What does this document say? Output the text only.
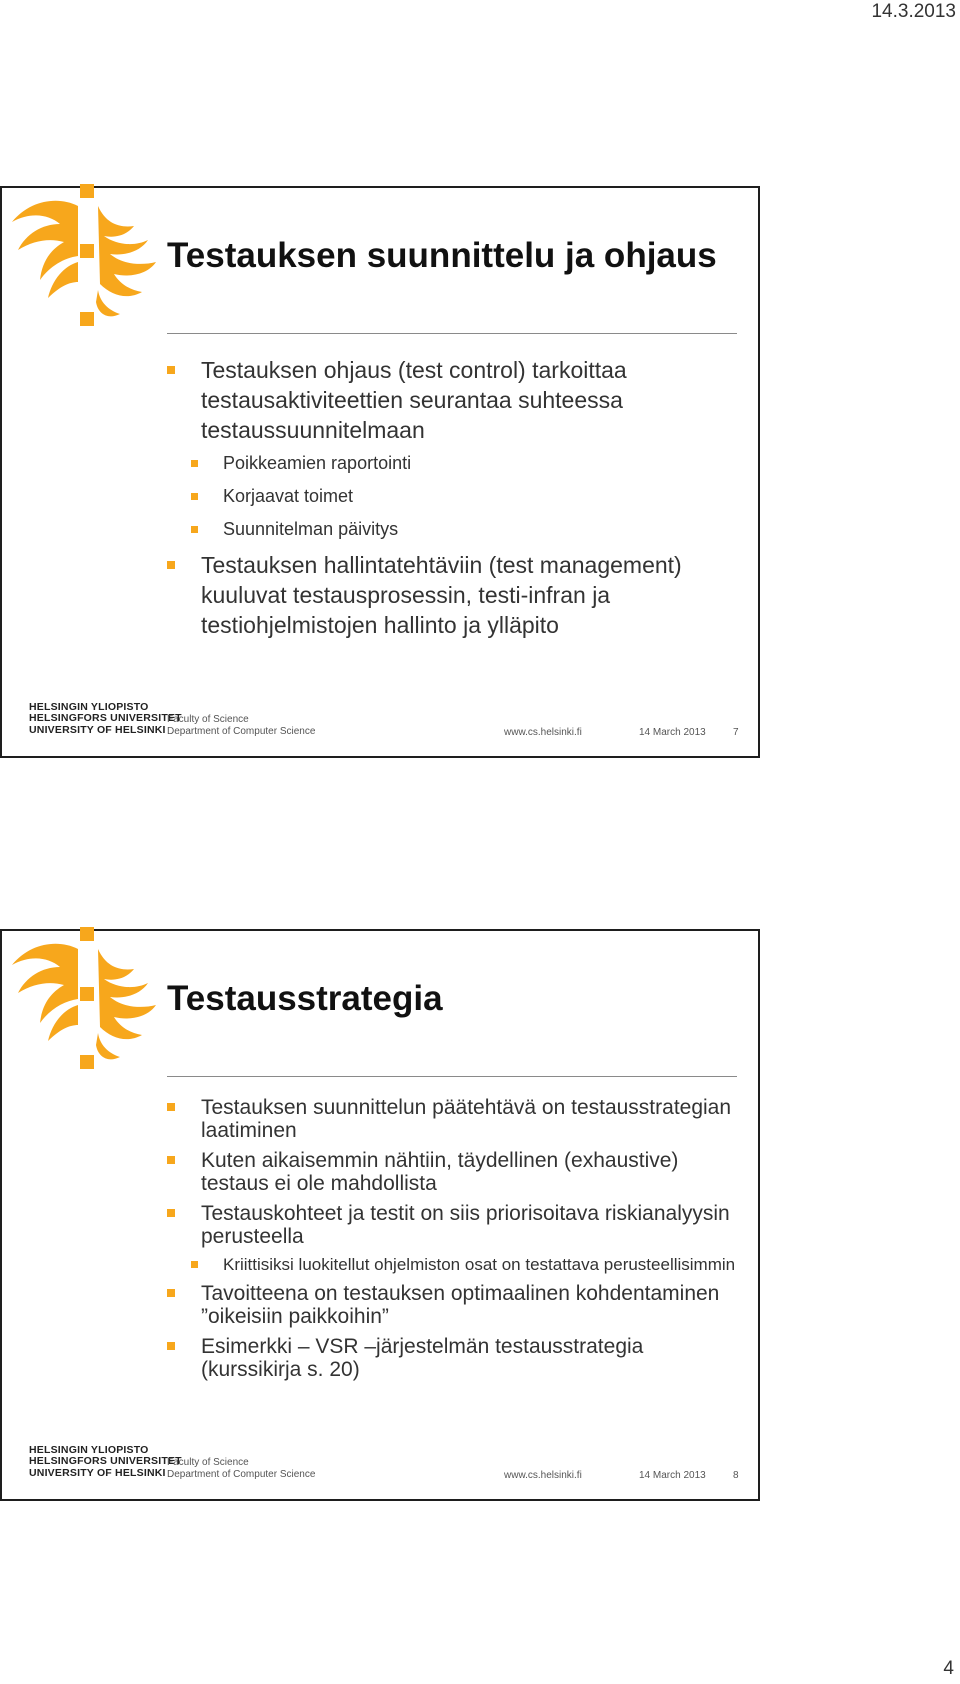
14.3.2013
Testauksen suunnittelu ja ohjaus
Testauksen ohjaus (test control) tarkoittaa testausaktiviteettien seurantaa suhteessa testaussuunnitelmaan
Poikkeamien raportointi
Korjaavat toimet
Suunnitelman päivitys
Testauksen hallintatehtäviin (test management) kuuluvat testausprosessin, testi-infran ja testiohjelmistojen hallinto ja ylläpito
HELSINGIN YLIOPISTO
HELSINGFORS UNIVERSITET
UNIVERSITY OF HELSINKI
Faculty of Science
Department of Computer Science	www.cs.helsinki.fi	14 March 2013	7
Testausstrategia
Testauksen suunnittelun päätehtävä on testausstrategian laatiminen
Kuten aikaisemmin nähtiin, täydellinen (exhaustive) testaus ei ole mahdollista
Testauskohteet ja testit on siis priorisoitava riskianalyysin perusteella
Kriittisiksi luokitellut ohjelmiston osat on testattava perusteellisimmin
Tavoitteena on testauksen optimaalinen kohdentaminen ”oikeisiin paikkoihin”
Esimerkki – VSR –järjestelmän testausstrategia (kurssikirja s. 20)
HELSINGIN YLIOPISTO
HELSINGFORS UNIVERSITET
UNIVERSITY OF HELSINKI
Faculty of Science
Department of Computer Science	www.cs.helsinki.fi	14 March 2013	8
4
